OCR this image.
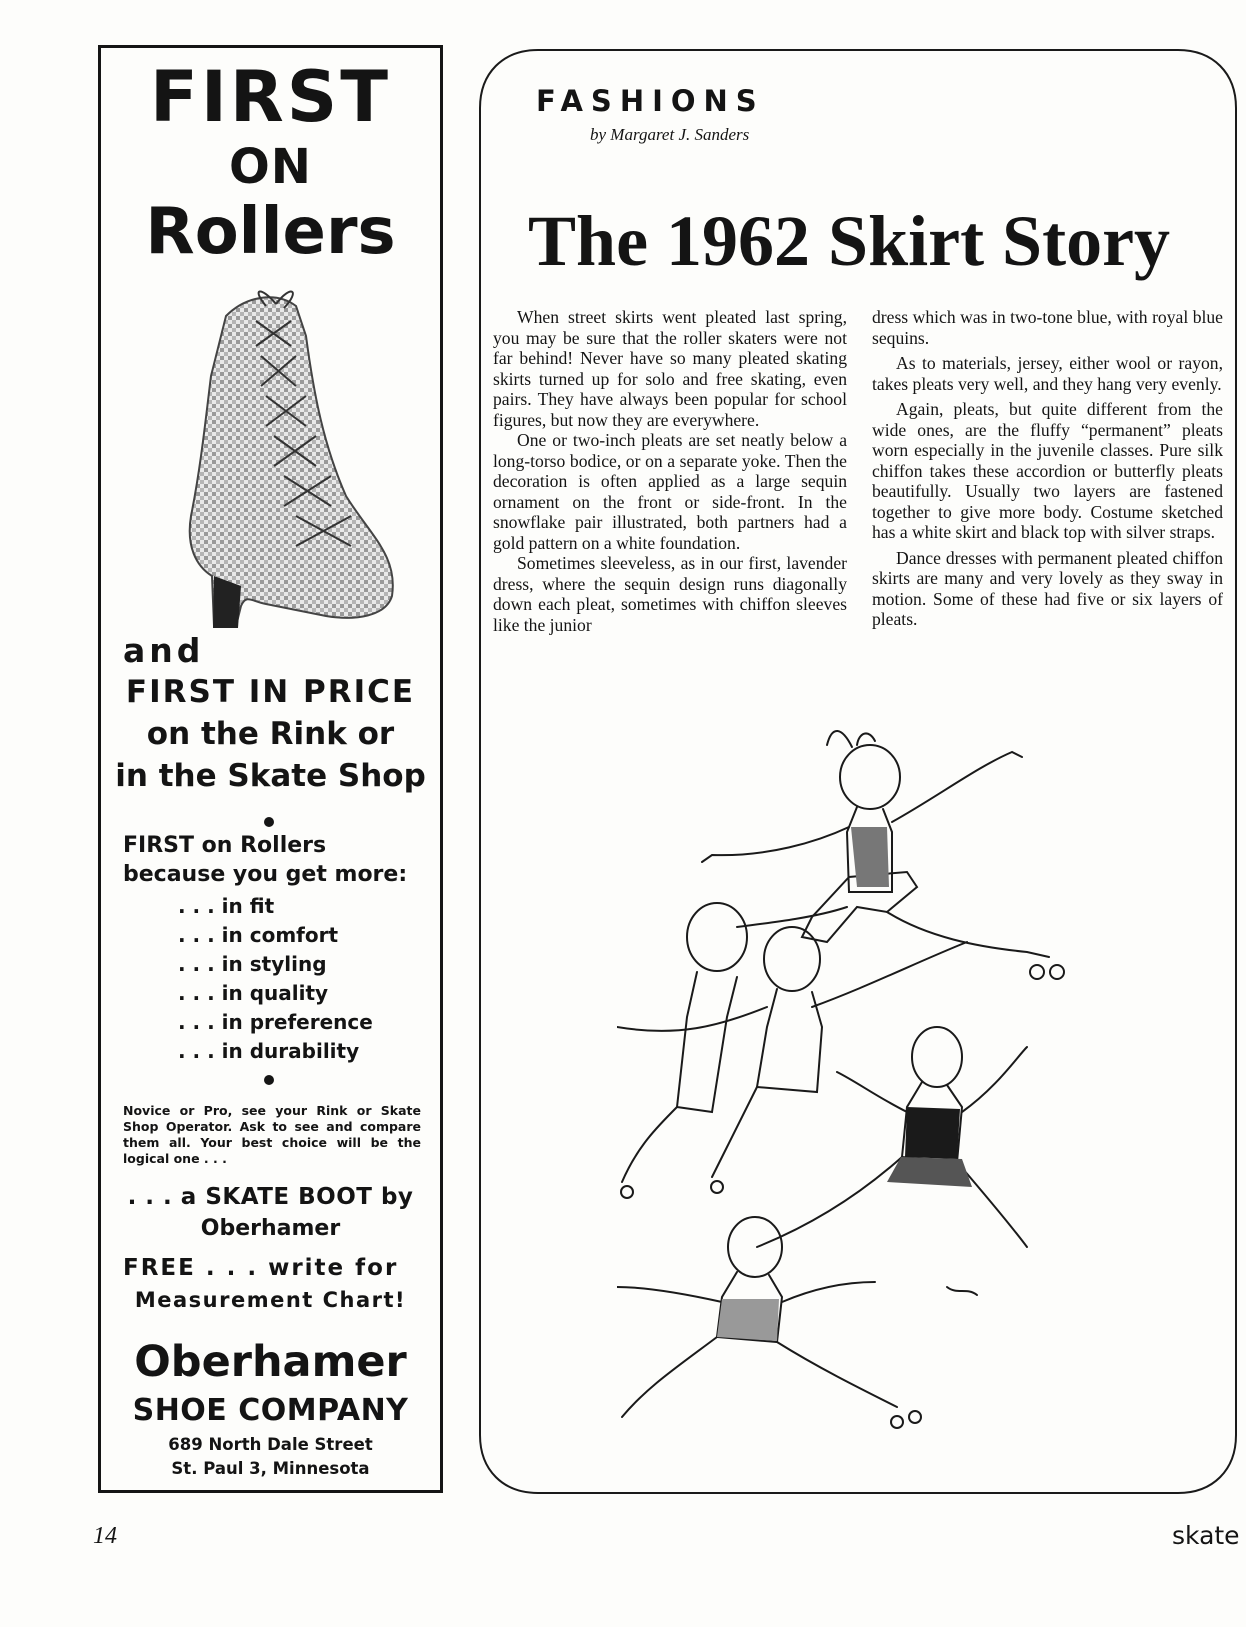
FIRST
ON
Rollers
and
FIRST IN PRICE
on the Rink or
in the Skate Shop
FIRST on Rollers
because you get more:
. . . in fit
. . . in comfort
. . . in styling
. . . in quality
. . . in preference
. . . in durability
Novice or Pro, see your Rink or Skate Shop Operator. Ask to see and compare them all. Your best choice will be the logical one . . .
. . . a SKATE BOOT by
Oberhamer
FREE . . . write for
Measurement Chart!
Oberhamer
SHOE COMPANY
689 North Dale Street
St. Paul 3, Minnesota
FASHIONS
by Margaret J. Sanders
The 1962 Skirt Story

When street skirts went pleated last spring, you may be sure that the roller skaters were not far behind! Never have so many pleated skating skirts turned up for solo and free skating, even pairs. They have always been popular for school figures, but now they are everywhere.

One or two-inch pleats are set neatly below a long-torso bodice, or on a separate yoke. Then the decoration is often applied as a large sequin ornament on the front or side-front. In the snowflake pair illustrated, both partners had a gold pattern on a white foundation.

Sometimes sleeveless, as in our first, lavender dress, where the sequin design runs diagonally down each pleat, sometimes with chiffon sleeves like the junior

dress which was in two-tone blue, with royal blue sequins.

As to materials, jersey, either wool or rayon, takes pleats very well, and they hang very evenly.

Again, pleats, but quite different from the wide ones, are the fluffy “permanent” pleats worn especially in the juvenile classes. Pure silk chiffon takes these accordion or butterfly pleats beautifully. Usually two layers are fastened together to give more body. Costume sketched has a white skirt and black top with silver straps.

Dance dresses with permanent pleated chiffon skirts are many and very lovely as they sway in motion. Some of these had five or six layers of pleats.

14	skate
